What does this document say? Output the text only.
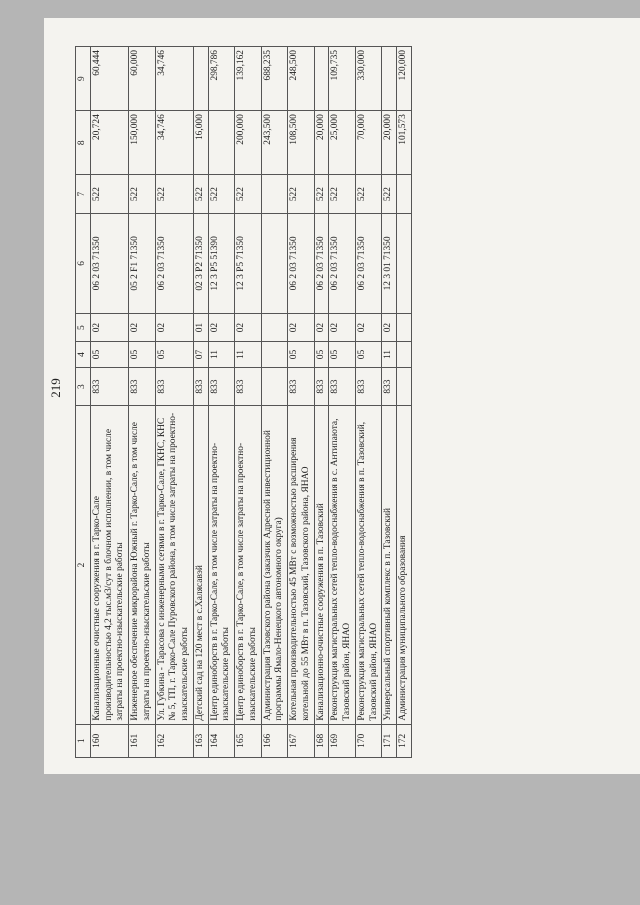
219
1	2	3	4	5	6	7	8	9
160	Канализационные очистные сооружения в г. Тарко-Сале производительностью 4,2 тыс.м3/сут в блочном исполнении, в том числе затраты на проектно-изыскательские работы	833	05	02	06 2 03 71350	522	20,724	60,444
161	Инженерное обеспечение микрорайона Южный г. Тарко-Сале, в том числе затраты на проектно-изыскательские работы	833	05	02	05 2 F1 71350	522	150,000	60,000
162	Ул. Губкина - Тарасова с инженерными сетями в г. Тарко-Сале, ГКНС, КНС № 5, ТП, г. Тарко-Сале Пуровского района, в том числе затраты на проектно-изыскательские работы	833	05	02	06 2 03 71350	522	34,746	34,746
163	Детский сад на 120 мест в с.Халясавэй	833	07	01	02 3 Р2 71350	522	16,000	
164	Центр единоборств в г. Тарко-Сале, в том числе затраты на проектно-изыскательские работы	833	11	02	12 3 Р5 51390	522		298,786
165	Центр единоборств в г. Тарко-Сале, в том числе затраты на проектно-изыскательские работы	833	11	02	12 3 Р5 71350	522	200,000	139,162
166	Администрация Тазовского района (заказчик Адресной инвестиционной программы Ямало-Ненецкого автономного округа)						243,500	688,235
167	Котельная производительностью 45 МВт с возможностью расширения котельной до 55 МВт в п. Тазовский, Тазовского района, ЯНАО	833	05	02	06 2 03 71350	522	108,500	248,500
168	Канализационно-очистные сооружения в п. Тазовский	833	05	02	06 2 03 71350	522	20,000	
169	Реконструкция магистральных сетей тепло-водоснабжения в с. Антипаюта, Тазовский район, ЯНАО	833	05	02	06 2 03 71350	522	25,000	109,735
170	Реконструкция магистральных сетей тепло-водоснабжения в п. Тазовский, Тазовский район, ЯНАО	833	05	02	06 2 03 71350	522	70,000	330,000
171	Универсальный спортивный комплекс в п. Тазовский	833	11	02	12 3 01 71350	522	20,000	
172	Администрация муниципального образования						101,573	120,000
